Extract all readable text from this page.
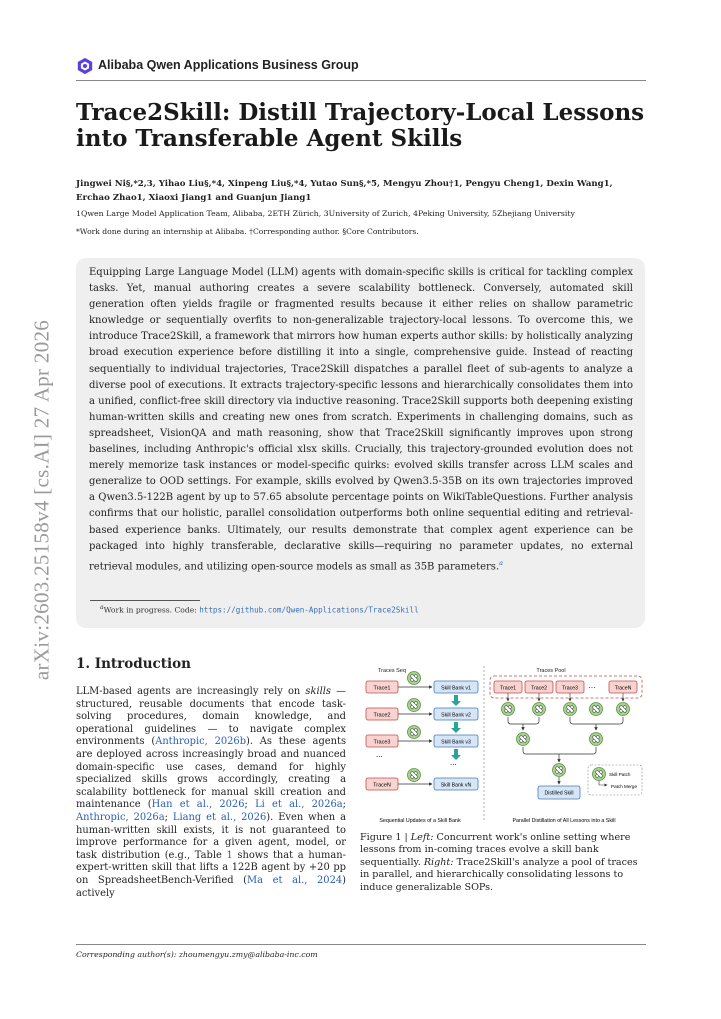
Alibaba Qwen Applications Business Group
arXiv:2603.25158v4 [cs.AI] 27 Apr 2026
Trace2Skill: Distill Trajectory-Local Lessons
into Transferable Agent Skills
Jingwei Ni§,*2,3, Yihao Liu§,*4, Xinpeng Liu§,*4, Yutao Sun§,*5, Mengyu Zhou†1, Pengyu Cheng1, Dexin Wang1,
Erchao Zhao1, Xiaoxi Jiang1 and Guanjun Jiang1
1Qwen Large Model Application Team, Alibaba, 2ETH Zürich, 3University of Zurich, 4Peking University, 5Zhejiang University
*Work done during an internship at Alibaba. †Corresponding author. §Core Contributors.
Equipping Large Language Model (LLM) agents with domain-specific skills is critical for tackling complex tasks. Yet, manual authoring creates a severe scalability bottleneck. Conversely, automated skill generation often yields fragile or fragmented results because it either relies on shallow parametric knowledge or sequentially overfits to non-generalizable trajectory-local lessons. To overcome this, we introduce Trace2Skill, a framework that mirrors how human experts author skills: by holistically analyzing broad execution experience before distilling it into a single, comprehensive guide. Instead of reacting sequentially to individual trajectories, Trace2Skill dispatches a parallel fleet of sub-agents to analyze a diverse pool of executions. It extracts trajectory-specific lessons and hierarchically consolidates them into a unified, conflict-free skill directory via inductive reasoning. Trace2Skill supports both deepening existing human-written skills and creating new ones from scratch. Experiments in challenging domains, such as spreadsheet, VisionQA and math reasoning, show that Trace2Skill significantly improves upon strong baselines, including Anthropic's official xlsx skills. Crucially, this trajectory-grounded evolution does not merely memorize task instances or model-specific quirks: evolved skills transfer across LLM scales and generalize to OOD settings. For example, skills evolved by Qwen3.5-35B on its own trajectories improved a Qwen3.5-122B agent by up to 57.65 absolute percentage points on WikiTableQuestions. Further analysis confirms that our holistic, parallel consolidation outperforms both online sequential editing and retrieval-based experience banks. Ultimately, our results demonstrate that complex agent experience can be packaged into highly transferable, declarative skills—requiring no parameter updates, no external retrieval modules, and utilizing open-source models as small as 35B parameters.$^a$
$^a$Work in progress. Code: https://github.com/Qwen-Applications/Trace2Skill
1. Introduction
LLM-based agents are increasingly rely on skills — structured, reusable documents that encode task-solving procedures, domain knowledge, and operational guidelines — to navigate complex environments (Anthropic, 2026b). As these agents are deployed across increasingly broad and nuanced domain-specific use cases, demand for highly specialized skills grows accordingly, creating a scalability bottleneck for manual skill creation and maintenance (Han et al., 2026; Li et al., 2026a; Anthropic, 2026a; Liang et al., 2026). Even when a human-written skill exists, it is not guaranteed to improve performance for a given agent, model, or task distribution (e.g., Table 1 shows that a human-expert-written skill that lifts a 122B agent by +20 pp on SpreadsheetBench-Verified (Ma et al., 2024) actively
Traces Seq
Trace1	Skill Bank v1
Trace2	Skill Bank v2
Trace3	Skill Bank v3
...
...
TraceN	Skill Bank vN
Sequential Updates of a Skill Bank
Traces Pool
Trace1	Trace2	Trace3 ···	TraceN
Distilled Skill
Skill Patch
Patch Merge
Parallel Distillation of All Lessons into a Skill
Figure 1 | Left: Concurrent work's online setting where lessons from in-coming traces evolve a skill bank sequentially. Right: Trace2Skill's analyze a pool of traces in parallel, and hierarchically consolidating lessons to induce generalizable SOPs.
Corresponding author(s): zhoumengyu.zmy@alibaba-inc.com
